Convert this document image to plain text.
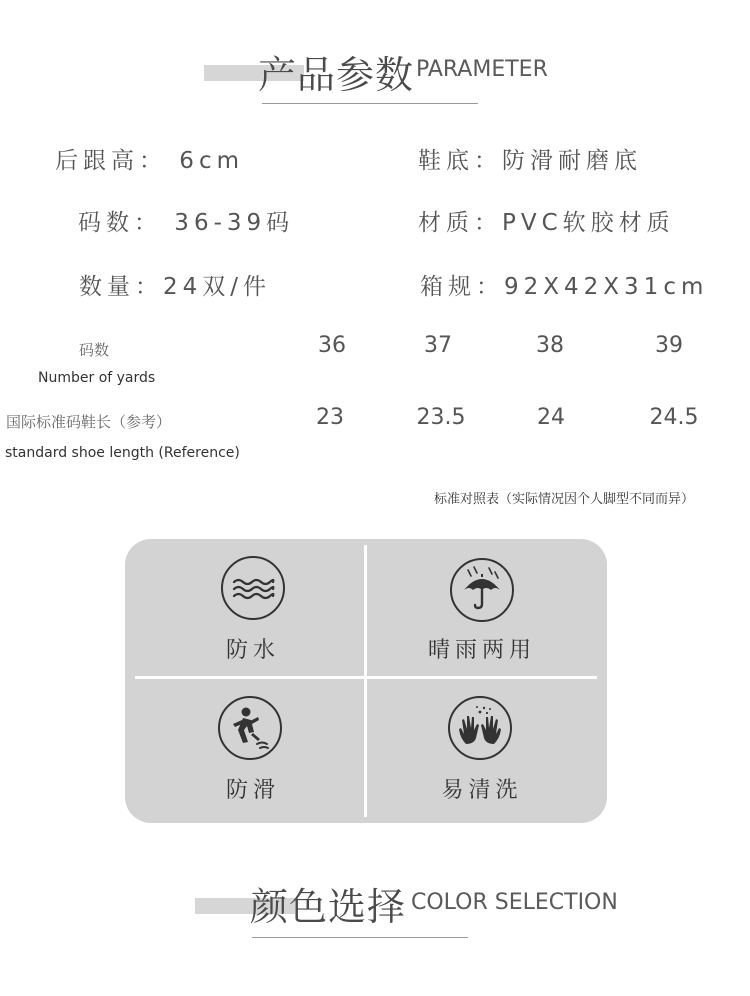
产品参数 PARAMETER
后跟高： 6cm	鞋底：防滑耐磨底
码数： 36-39码	材质：PVC软胶材质
数量：24双/件	箱规：92X42X31cm
码数
Number of yards
36	37	38	39
国际标准码鞋长（参考）
standard shoe length (Reference)
23	23.5	24	24.5
标准对照表（实际情况因个人脚型不同而异）
防水	晴雨两用
防滑	易清洗
颜色选择 COLOR SELECTION
